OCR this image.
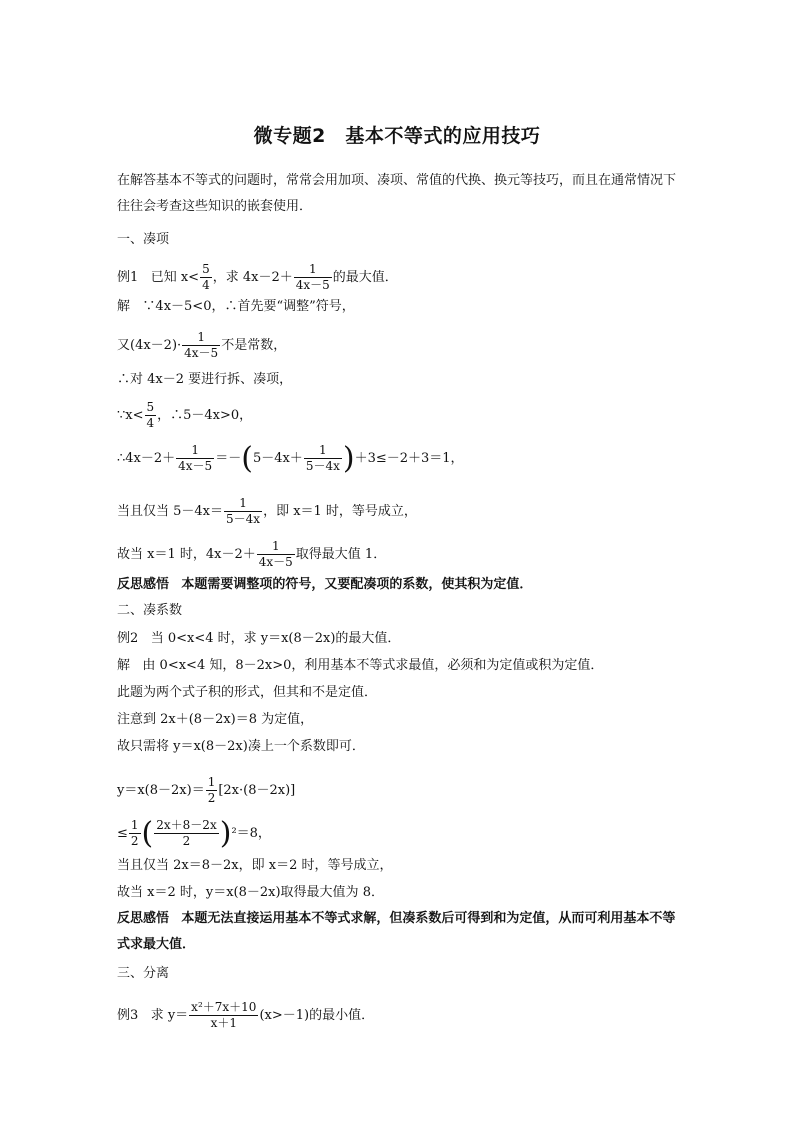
微专题2　基本不等式的应用技巧
在解答基本不等式的问题时，常常会用加项、凑项、常值的代换、换元等技巧，而且在通常情况下往往会考查这些知识的嵌套使用．
一、凑项
例1 已知 $x< \frac{5}{4}$ ，求 $4x-2+ \frac{1}{4x-5}$ 的最大值．
解 ∵4x－5<0，∴首先要“调整”符号，
又$(4x-2)\cdot \frac{1}{4x-5}$ 不是常数，
∴对 4x－2 要进行拆、凑项，
∵x< $\frac{5}{4}$ ，∴5－4x>0，
∴4x－2＋ $\frac{1}{4x-5} =-(5-4x+ \frac{1}{5-4x} )+3\le-2+3=1$，
当且仅当 $5-4x= \frac{1}{5-4x}$ ，即 x＝1 时，等号成立，
故当 x＝1 时，$4x-2+ \frac{1}{4x-5}$ 取得最大值 1．
反思感悟 本题需要调整项的符号，又要配凑项的系数，使其积为定值．
二、凑系数
例2 当 0<x<4 时，求 y＝x(8－2x)的最大值．
解 由 0<x<4 知，8－2x>0，利用基本不等式求最值，必须和为定值或积为定值．
此题为两个式子积的形式，但其和不是定值．
注意到 2x＋(8－2x)＝8 为定值，
故只需将 y＝x(8－2x)凑上一个系数即可．
$y=x(8-2x)= \frac{1}{2} [2x\cdot(8-2x)]$
≤ $\frac{1}{2}$ ( $\frac{2x+8-2x}{2} )^2=8$，
当且仅当 2x＝8－2x，即 x＝2 时，等号成立，
故当 x＝2 时，y＝x(8－2x)取得最大值为 8．
反思感悟 本题无法直接运用基本不等式求解，但凑系数后可得到和为定值，从而可利用基本不等式求最大值．
三、分离
例3 求 $y= \frac{\text{x²＋7x＋10}}{x+1} (x>-1)$的最小值．
